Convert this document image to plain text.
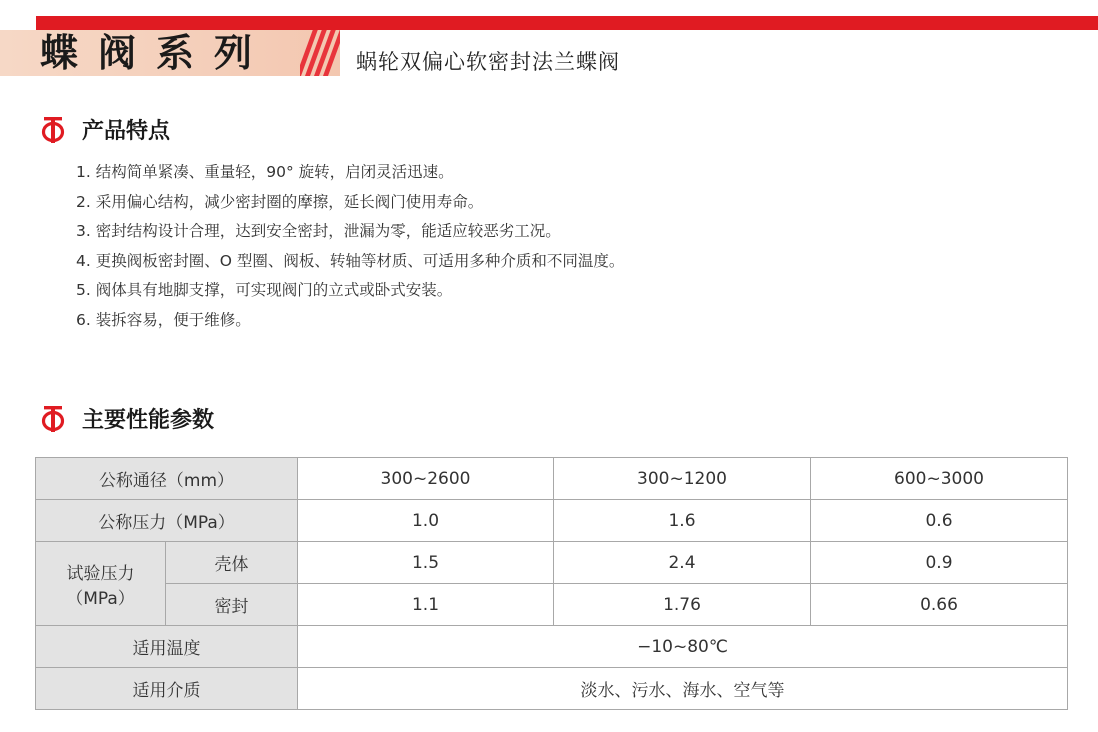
蝶阀系列	蜗轮双偏心软密封法兰蝶阀
产品特点
1. 结构简单紧凑、重量轻，90° 旋转，启闭灵活迅速。
2. 采用偏心结构，减少密封圈的摩擦，延长阀门使用寿命。
3. 密封结构设计合理，达到安全密封，泄漏为零，能适应较恶劣工况。
4. 更换阀板密封圈、O 型圈、阀板、转轴等材质、可适用多种介质和不同温度。
5. 阀体具有地脚支撑，可实现阀门的立式或卧式安装。
6. 装拆容易，便于维修。
主要性能参数
公称通径（mm）		300~2600	300~1200	600~3000
公称压力（MPa）		1.0	1.6	0.6

试验压力
（MPa）	壳体	1.5	2.4	0.9
	密封	1.1	1.76	0.66
适用温度		−10~80℃		
适用介质		淡水、污水、海水、空气等		
